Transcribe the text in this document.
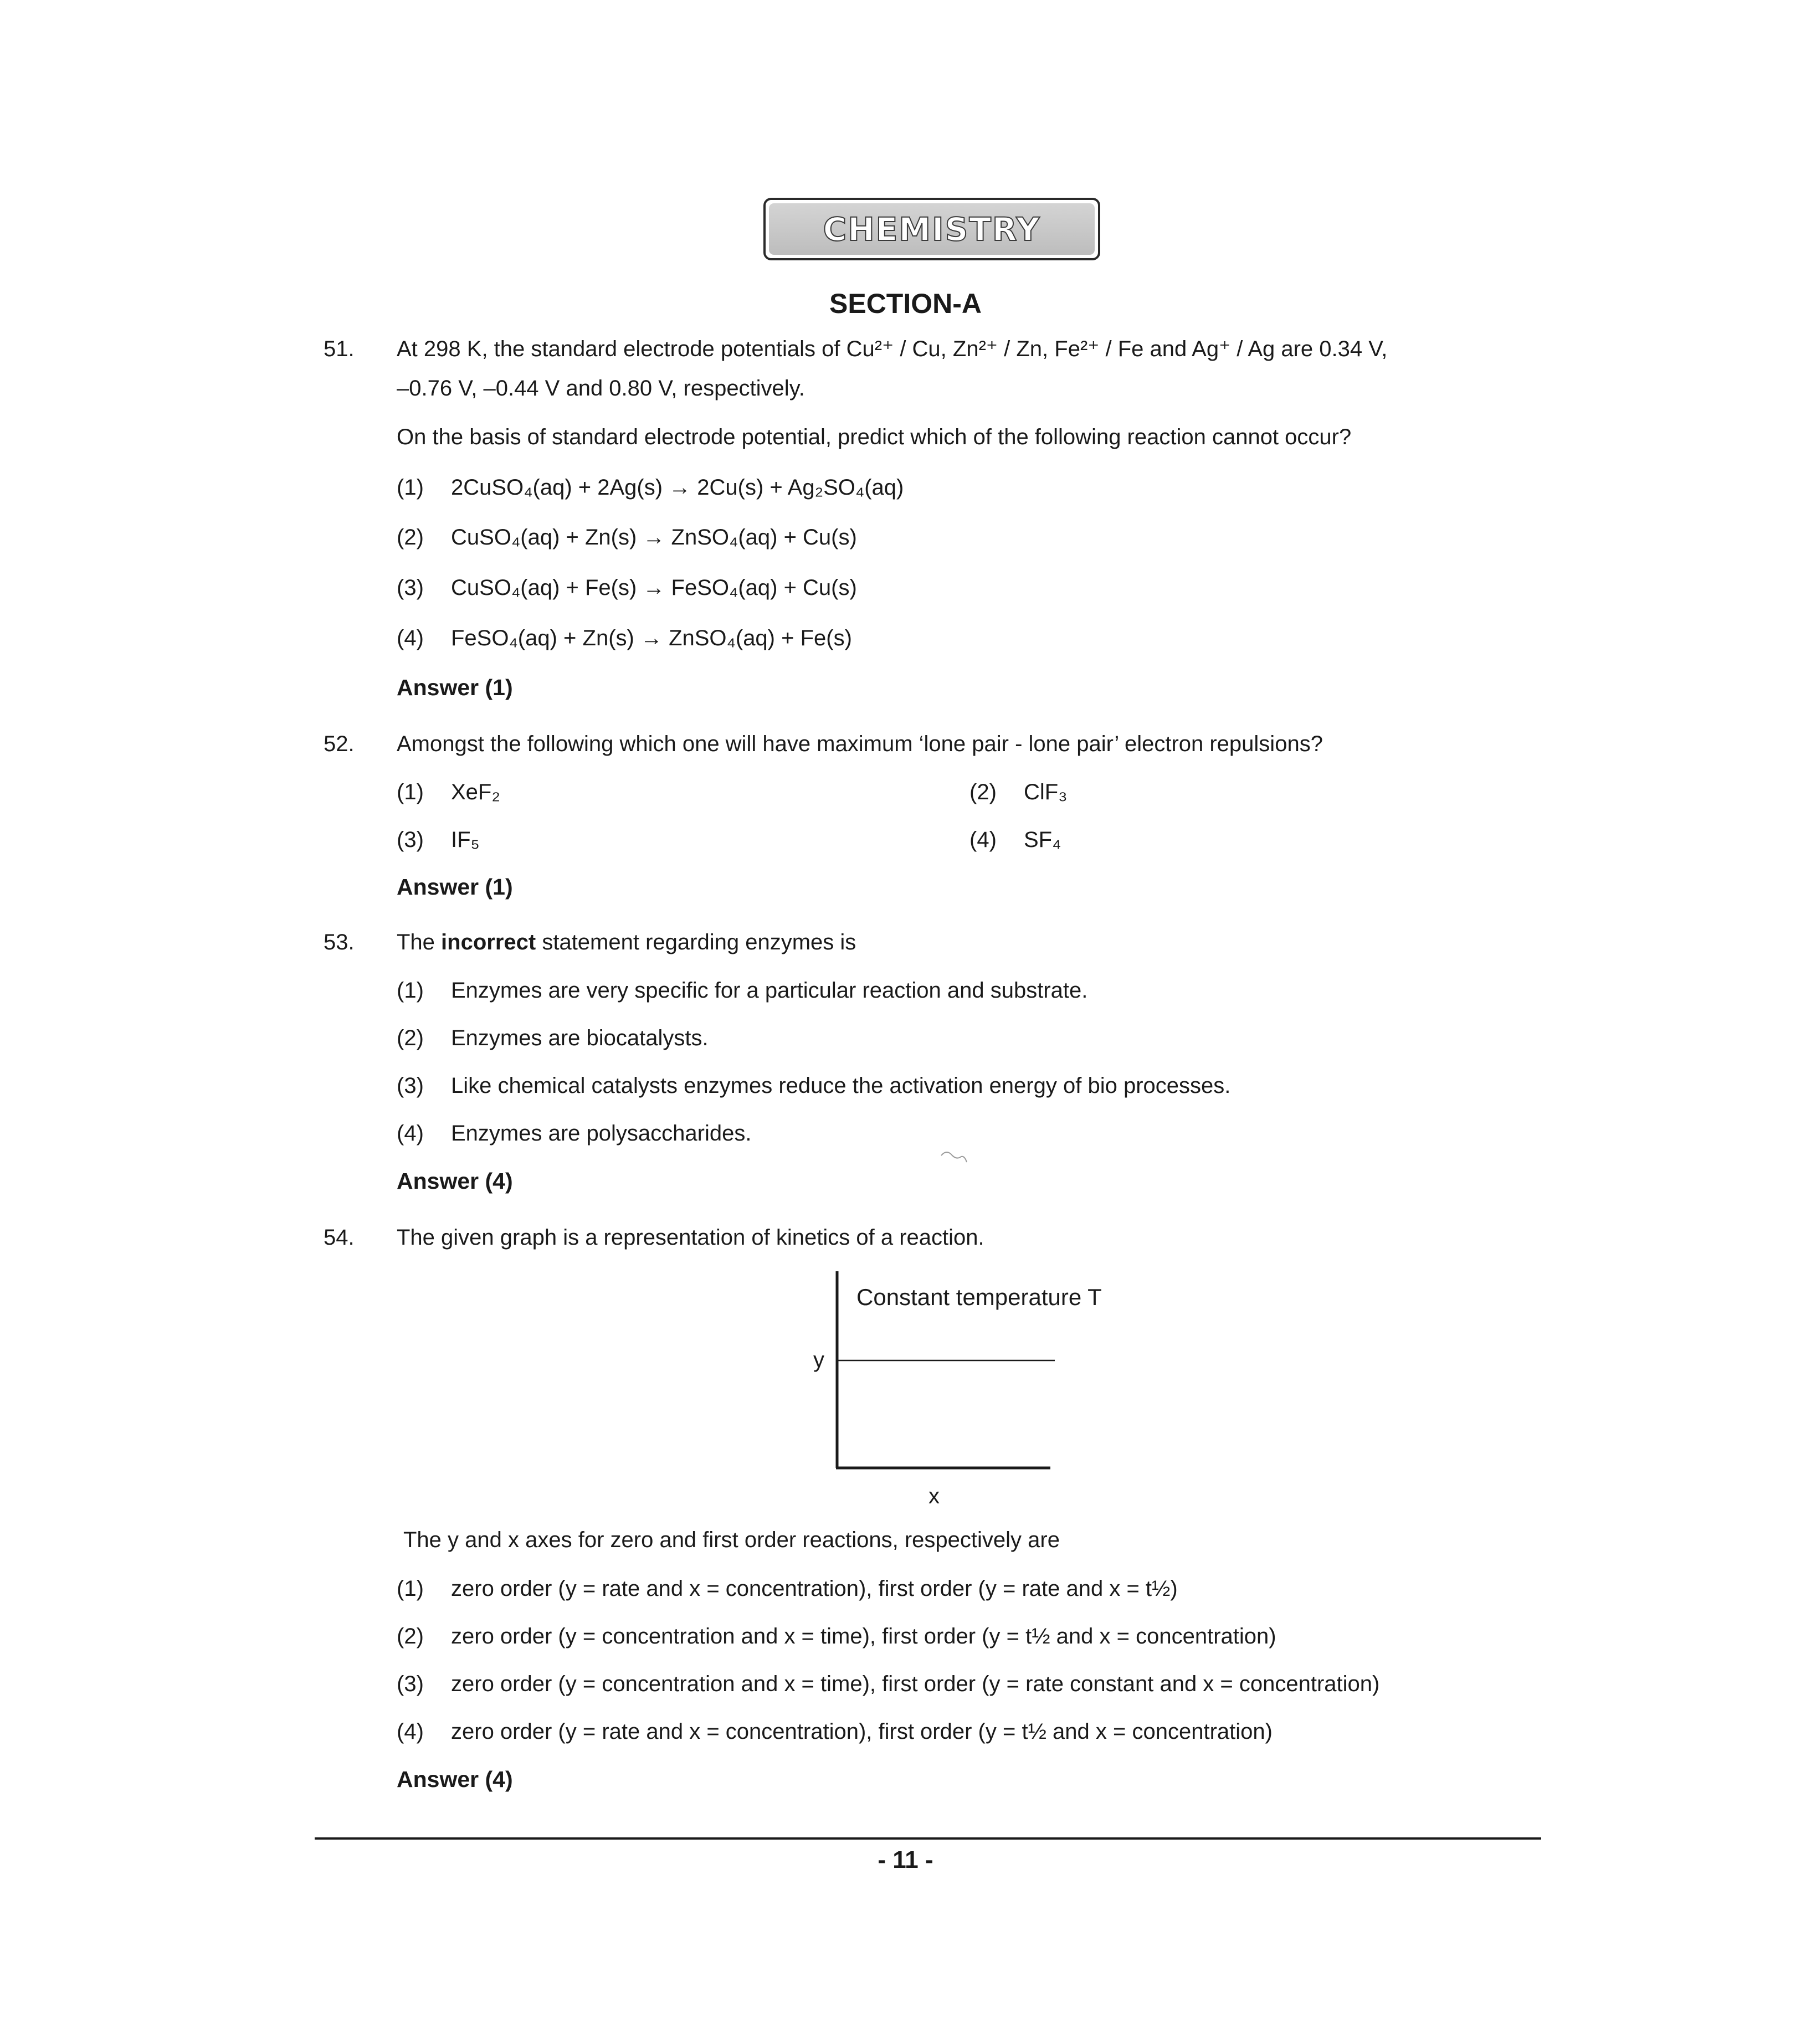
CHEMISTRY
SECTION-A
51. At 298 K, the standard electrode potentials of Cu²⁺ / Cu, Zn²⁺ / Zn, Fe²⁺ / Fe and Ag⁺ / Ag are 0.34 V,
–0.76 V, –0.44 V and 0.80 V, respectively.
On the basis of standard electrode potential, predict which of the following reaction cannot occur?
(1) 2CuSO₄(aq) + 2Ag(s) → 2Cu(s) + Ag₂SO₄(aq)
(2) CuSO₄(aq) + Zn(s) → ZnSO₄(aq) + Cu(s)
(3) CuSO₄(aq) + Fe(s) → FeSO₄(aq) + Cu(s)
(4) FeSO₄(aq) + Zn(s) → ZnSO₄(aq) + Fe(s)
Answer (1)
52. Amongst the following which one will have maximum ‘lone pair - lone pair’ electron repulsions?
(1) XeF₂	(2) ClF₃
(3) IF₅	(4) SF₄
Answer (1)
53. The incorrect statement regarding enzymes is
(1) Enzymes are very specific for a particular reaction and substrate.
(2) Enzymes are biocatalysts.
(3) Like chemical catalysts enzymes reduce the activation energy of bio processes.
(4) Enzymes are polysaccharides.
Answer (4)
54. The given graph is a representation of kinetics of a reaction.
Constant temperature T
y
x
The y and x axes for zero and first order reactions, respectively are
(1) zero order (y = rate and x = concentration), first order (y = rate and x = t½)
(2) zero order (y = concentration and x = time), first order (y = t½ and x = concentration)
(3) zero order (y = concentration and x = time), first order (y = rate constant and x = concentration)
(4) zero order (y = rate and x = concentration), first order (y = t½ and x = concentration)
Answer (4)
- 11 -
